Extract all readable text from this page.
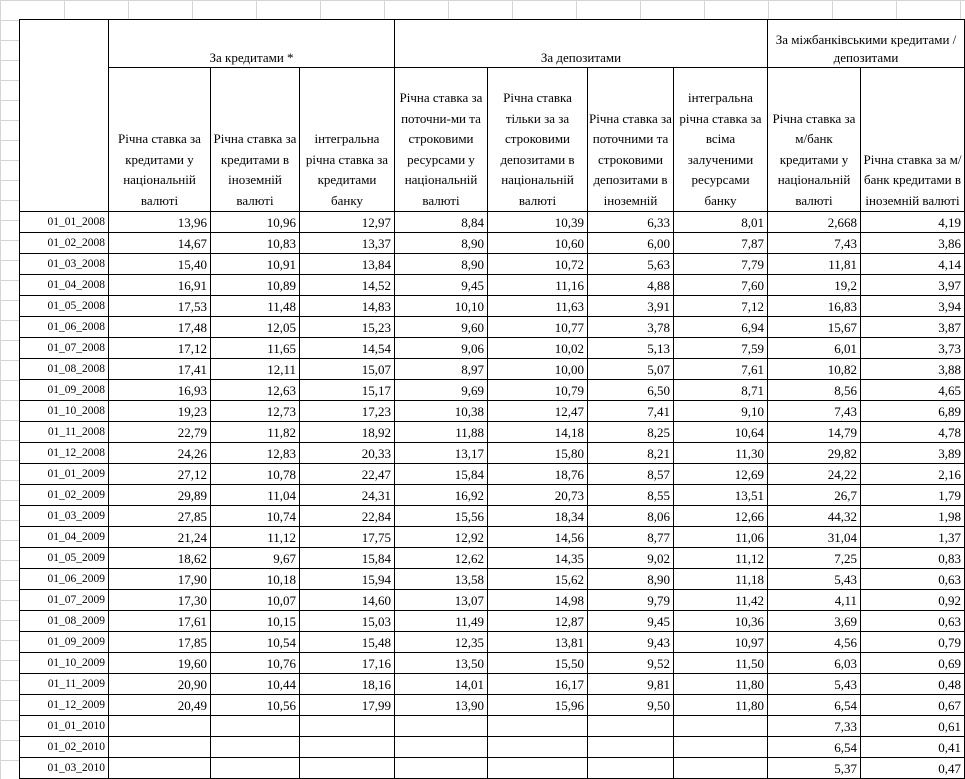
	За кредитами *			За депозитами				За міжбанківськими кредитами /депозитами	
	Річна ставка за кредитами у національній валюті	Річна ставка за кредитами в іноземній валюті	інтегральна річна ставка за кредитами банку	Річна ставка за поточни-ми та строковими ресурсами у національній валюті	Річна ставка тільки за за строковими депозитами в національній валюті	Річна ставка за поточними та строковими депозитами в іноземній	інтегральна річна ставка за всіма залученими ресурсами банку	Річна ставка за м/банк кредитами у національній валюті	Річна ставка за м/банк кредитами в іноземній валюті
01_01_2008	13,96	10,96	12,97	8,84	10,39	6,33	8,01	2,668	4,19
01_02_2008	14,67	10,83	13,37	8,90	10,60	6,00	7,87	7,43	3,86
01_03_2008	15,40	10,91	13,84	8,90	10,72	5,63	7,79	11,81	4,14
01_04_2008	16,91	10,89	14,52	9,45	11,16	4,88	7,60	19,2	3,97
01_05_2008	17,53	11,48	14,83	10,10	11,63	3,91	7,12	16,83	3,94
01_06_2008	17,48	12,05	15,23	9,60	10,77	3,78	6,94	15,67	3,87
01_07_2008	17,12	11,65	14,54	9,06	10,02	5,13	7,59	6,01	3,73
01_08_2008	17,41	12,11	15,07	8,97	10,00	5,07	7,61	10,82	3,88
01_09_2008	16,93	12,63	15,17	9,69	10,79	6,50	8,71	8,56	4,65
01_10_2008	19,23	12,73	17,23	10,38	12,47	7,41	9,10	7,43	6,89
01_11_2008	22,79	11,82	18,92	11,88	14,18	8,25	10,64	14,79	4,78
01_12_2008	24,26	12,83	20,33	13,17	15,80	8,21	11,30	29,82	3,89
01_01_2009	27,12	10,78	22,47	15,84	18,76	8,57	12,69	24,22	2,16
01_02_2009	29,89	11,04	24,31	16,92	20,73	8,55	13,51	26,7	1,79
01_03_2009	27,85	10,74	22,84	15,56	18,34	8,06	12,66	44,32	1,98
01_04_2009	21,24	11,12	17,75	12,92	14,56	8,77	11,06	31,04	1,37
01_05_2009	18,62	9,67	15,84	12,62	14,35	9,02	11,12	7,25	0,83
01_06_2009	17,90	10,18	15,94	13,58	15,62	8,90	11,18	5,43	0,63
01_07_2009	17,30	10,07	14,60	13,07	14,98	9,79	11,42	4,11	0,92
01_08_2009	17,61	10,15	15,03	11,49	12,87	9,45	10,36	3,69	0,63
01_09_2009	17,85	10,54	15,48	12,35	13,81	9,43	10,97	4,56	0,79
01_10_2009	19,60	10,76	17,16	13,50	15,50	9,52	11,50	6,03	0,69
01_11_2009	20,90	10,44	18,16	14,01	16,17	9,81	11,80	5,43	0,48
01_12_2009	20,49	10,56	17,99	13,90	15,96	9,50	11,80	6,54	0,67
01_01_2010								7,33	0,61
01_02_2010								6,54	0,41
01_03_2010								5,37	0,47
